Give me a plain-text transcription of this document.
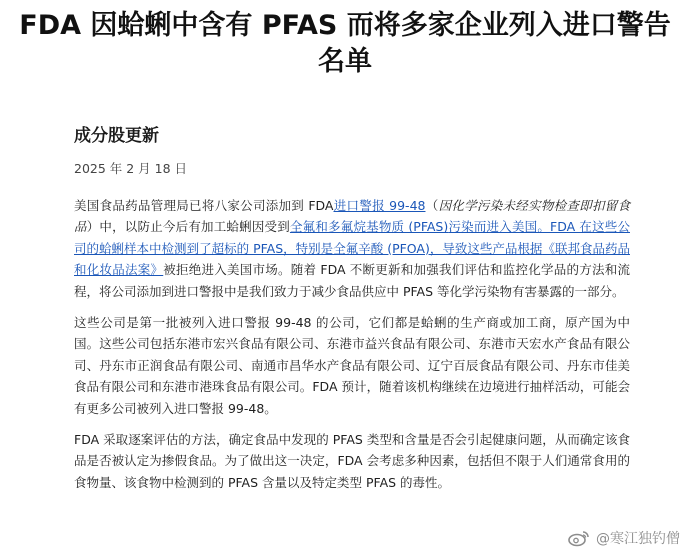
FDA 因蛤蜊中含有 PFAS 而将多家企业列入进口警告名单
成分股更新
2025 年 2 月 18 日

美国食品药品管理局已将八家公司添加到 FDA进口警报 99-48（因化学污染未经实物检查即扣留食品）中，以防止今后有加工蛤蜊因受到全氟和多氟烷基物质 (PFAS)污染而进入美国。FDA 在这些公司的蛤蜊样本中检测到了超标的 PFAS，特别是全氟辛酸 (PFOA)，导致这些产品根据《联邦食品药品和化妆品法案》被拒绝进入美国市场。随着 FDA 不断更新和加强我们评估和监控化学品的方法和流程，将公司添加到进口警报中是我们致力于减少食品供应中 PFAS 等化学污染物有害暴露的一部分。

这些公司是第一批被列入进口警报 99-48 的公司，它们都是蛤蜊的生产商或加工商，原产国为中国。这些公司包括东港市宏兴食品有限公司、东港市益兴食品有限公司、东港市天宏水产食品有限公司、丹东市正润食品有限公司、南通市昌华水产食品有限公司、辽宁百辰食品有限公司、丹东市佳美食品有限公司和东港市港珠食品有限公司。FDA 预计，随着该机构继续在边境进行抽样活动，可能会有更多公司被列入进口警报 99-48。

FDA 采取逐案评估的方法，确定食品中发现的 PFAS 类型和含量是否会引起健康问题，从而确定该食品是否被认定为掺假食品。为了做出这一决定，FDA 会考虑多种因素，包括但不限于人们通常食用的食物量、该食物中检测到的 PFAS 含量以及特定类型 PFAS 的毒性。

@寒江独钓僧
